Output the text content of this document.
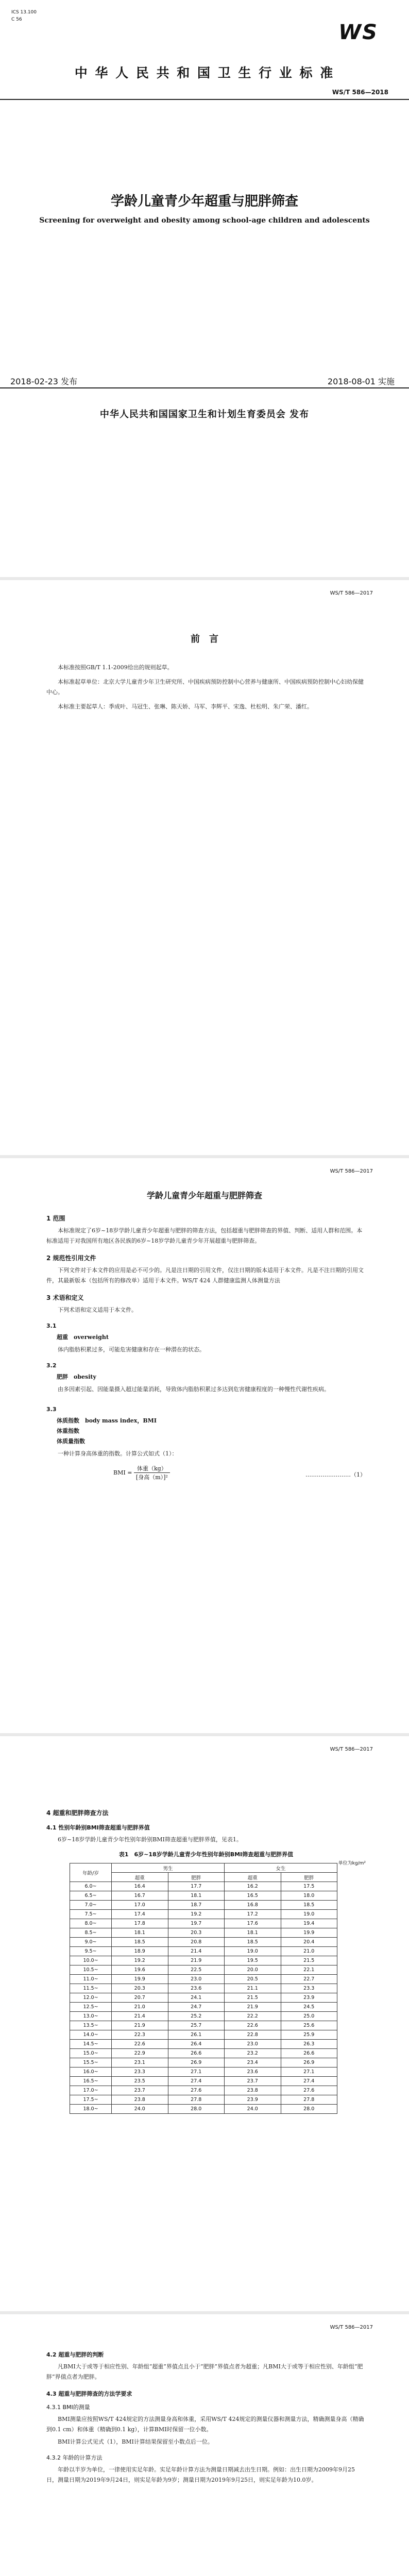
ICS 13.100
C 56
WS
中 华 人 民 共 和 国 卫 生 行 业 标 准
WS/T 586—2018
学龄儿童青少年超重与肥胖筛查
Screening for overweight and obesity among school-age children and adolescents
2018-02-23 发布	2018-08-01 实施
中华人民共和国国家卫生和计划生育委员会 发布
WS/T 586—2017
前　言

本标准按照GB/T 1.1-2009给出的规则起草。

本标准起草单位：北京大学儿童青少年卫生研究所、中国疾病预防控制中心营养与健康所、中国疾病预防控制中心妇幼保健中心。

本标准主要起草人：季成叶、马冠生、张琳、陈天娇、马军、李辉平、宋逸、杜松明、朱广荣、潘红。

WS/T 586—2017
学龄儿童青少年超重与肥胖筛查
1 范围

本标准规定了6岁~18岁学龄儿童青少年超重与肥胖的筛查方法，包括超重与肥胖筛查的界值、判断、适用人群和范围。本标准适用于对我国所有地区各民族的6岁~18岁学龄儿童青少年开展超重与肥胖筛查。

2 规范性引用文件

下列文件对于本文件的应用是必不可少的。凡是注日期的引用文件，仅注日期的版本适用于本文件。凡是不注日期的引用文件，其最新版本（包括所有的修改单）适用于本文件。WS/T 424 人群健康监测人体测量方法

3 术语和定义

下列术语和定义适用于本文件。

3.1
超重　overweight

体内脂肪积累过多，可能危害健康和存在一种潜在的状态。

3.2
肥胖　obesity

由多因素引起、因能量摄入超过能量消耗，导致体内脂肪积累过多达到危害健康程度的一种慢性代谢性疾病。

3.3
体质指数　body mass index，BMI
体重指数
体质量指数

一种计算身高体重的指数。计算公式如式（1）：

BMI = $\frac{\text{体重（kg）}}{\text{[身高（m）]²}}$	……………………（1）
WS/T 586—2017
4 超重和肥胖筛查方法
4.1 性别年龄别BMI筛查超重与肥胖界值

6岁~18岁学龄儿童青少年性别年龄别BMI筛查超重与肥胖界值，见表1。

表1　6岁~18岁学龄儿童青少年性别年龄别BMI筛查超重与肥胖界值
单位为kg/m²
年龄/岁	男生		女生	
	超重	肥胖	超重	肥胖
6.0~	16.4	17.7	16.2	17.5
6.5~	16.7	18.1	16.5	18.0
7.0~	17.0	18.7	16.8	18.5
7.5~	17.4	19.2	17.2	19.0
8.0~	17.8	19.7	17.6	19.4
8.5~	18.1	20.3	18.1	19.9
9.0~	18.5	20.8	18.5	20.4
9.5~	18.9	21.4	19.0	21.0
10.0~	19.2	21.9	19.5	21.5
10.5~	19.6	22.5	20.0	22.1
11.0~	19.9	23.0	20.5	22.7
11.5~	20.3	23.6	21.1	23.3
12.0~	20.7	24.1	21.5	23.9
12.5~	21.0	24.7	21.9	24.5
13.0~	21.4	25.2	22.2	25.0
13.5~	21.9	25.7	22.6	25.6
14.0~	22.3	26.1	22.8	25.9
14.5~	22.6	26.4	23.0	26.3
15.0~	22.9	26.6	23.2	26.6
15.5~	23.1	26.9	23.4	26.9
16.0~	23.3	27.1	23.6	27.1
16.5~	23.5	27.4	23.7	27.4
17.0~	23.7	27.6	23.8	27.6
17.5~	23.8	27.8	23.9	27.8
18.0~	24.0	28.0	24.0	28.0
WS/T 586—2017
4.2 超重与肥胖的判断

凡BMI大于或等于相应性别、年龄组“超重”界值点且小于“肥胖”界值点者为超重；凡BMI大于或等于相应性别、年龄组“肥胖”界值点者为肥胖。

4.3 超重与肥胖筛查的方法学要求
4.3.1 BMI的测量

BMI测量应按照WS/T 424规定的方法测量身高和体重，采用WS/T 424规定的测量仪器和测量方法，精确测量身高（精确到0.1 cm）和体重（精确到0.1 kg），计算BMI时保留一位小数。

BMI计算公式见式（1），BMI计算结果保留至小数点后一位。

4.3.2 年龄的计算方法

年龄以半岁为单位，一律使用实足年龄。实足年龄计算方法为测量日期减去出生日期。例如：出生日期为2009年9月25日，测量日期为2019年9月24日，则实足年龄为9岁；测量日期为2019年9月25日，则实足年龄为10.0岁。
